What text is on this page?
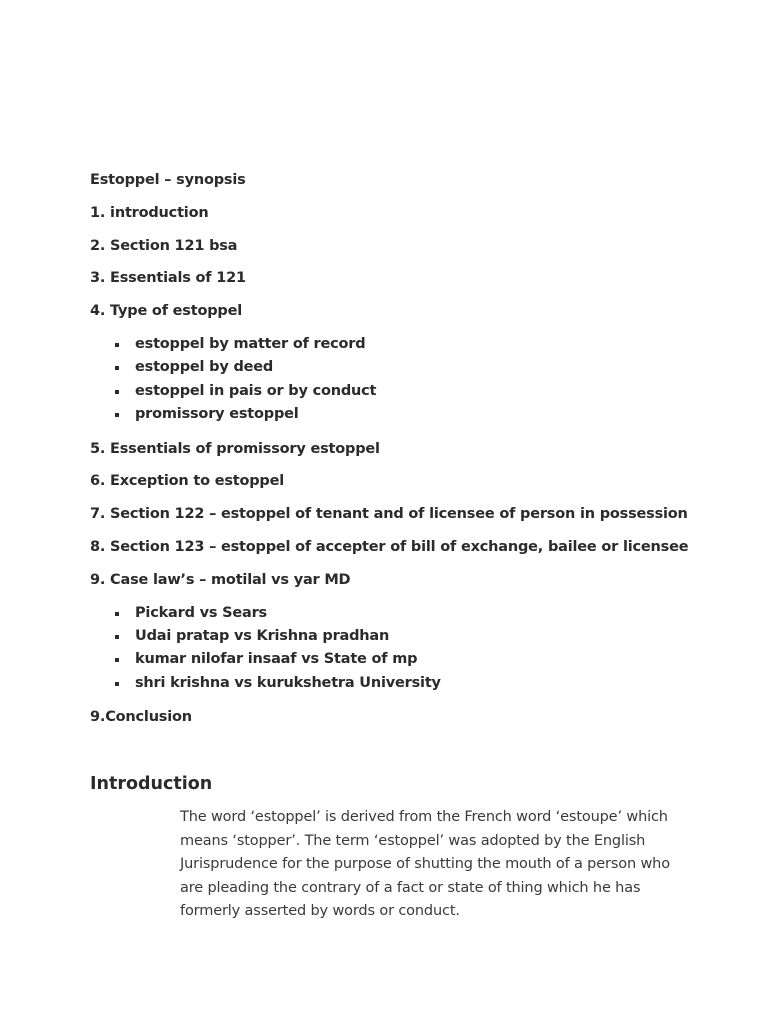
Estoppel – synopsis

1. introduction

2. Section 121 bsa

3. Essentials of 121

4. Type of estoppel

estoppel by matter of record
estoppel by deed
estoppel in pais or by conduct
promissory estoppel

5. Essentials of promissory estoppel

6. Exception to estoppel

7. Section 122 – estoppel of tenant and of licensee of person in possession

8. Section 123 – estoppel of accepter of bill of exchange, bailee or licensee

9. Case law’s – motilal vs yar MD

Pickard vs Sears
Udai pratap vs Krishna pradhan
kumar nilofar insaaf vs State of mp
shri krishna vs kurukshetra University

9.Conclusion

Introduction

The word ‘estoppel’ is derived from the French word ‘estoupe’ which means ‘stopper’. The term ‘estoppel’ was adopted by the English Jurisprudence for the purpose of shutting the mouth of a person who are pleading the contrary of a fact or state of thing which he has formerly asserted by words or conduct.
